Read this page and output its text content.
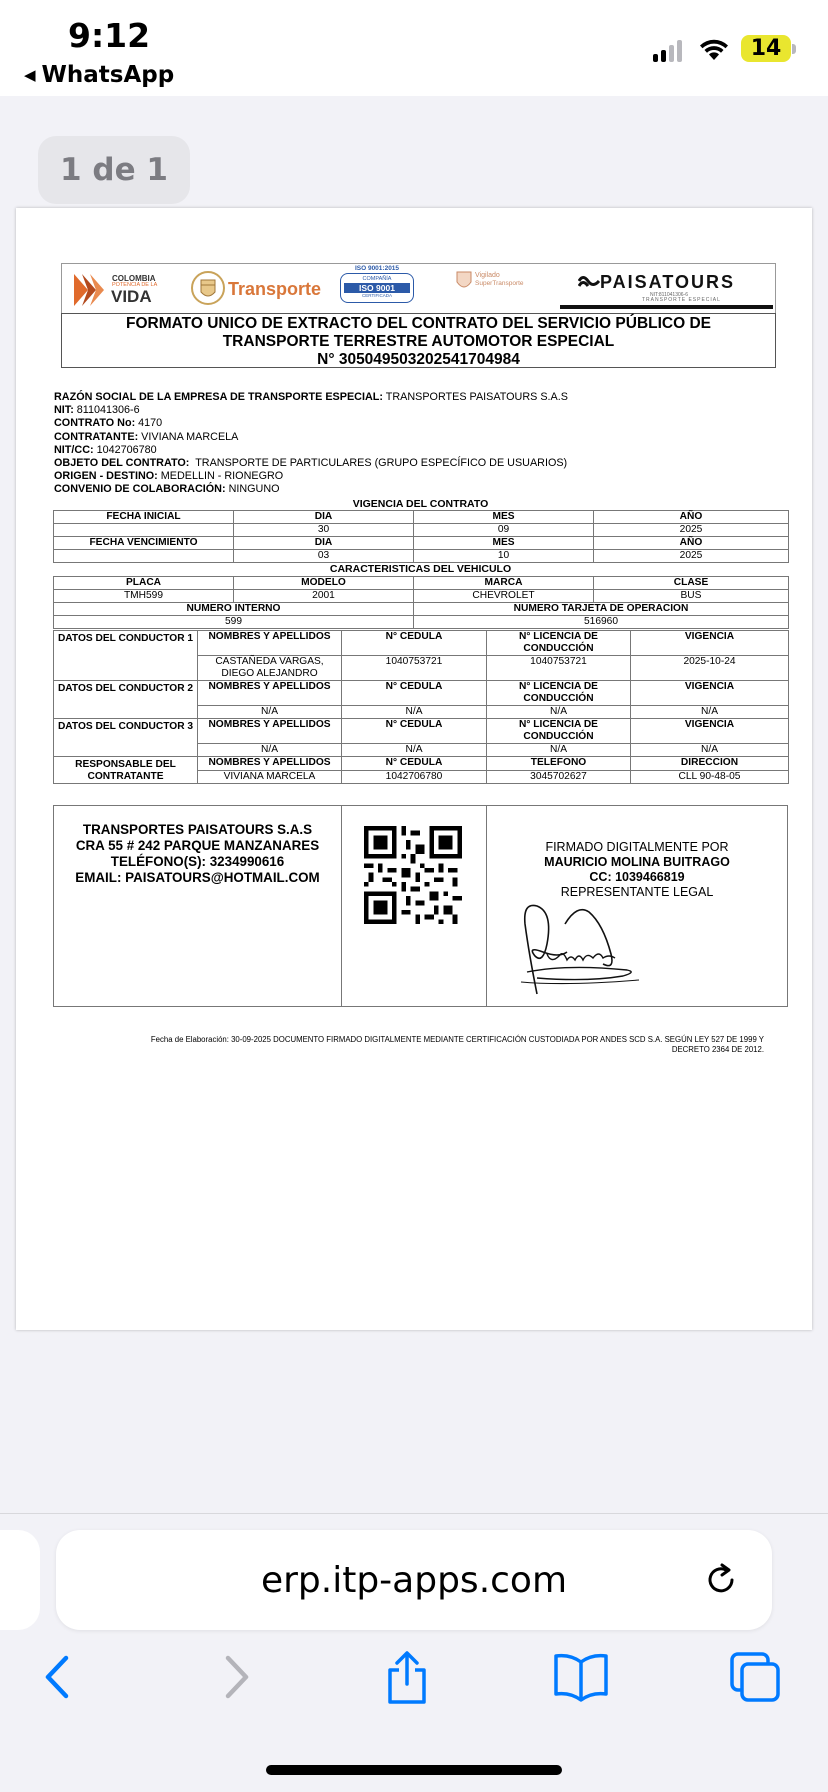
9:12
◀ WhatsApp
14
1 de 1
COLOMBIA
POTENCIA DE LA
VIDA	Transporte
ISO 9001:2015
COMPAÑÍA
ISO 9001
CERTIFICADA
Vigilado
SuperTransporte	PAISATOURS
NIT:811041306-6
TRANSPORTE ESPECIAL
FORMATO UNICO DE EXTRACTO DEL CONTRATO DEL SERVICIO PÚBLICO DE
TRANSPORTE TERRESTRE AUTOMOTOR ESPECIAL
N° 305049503202541704984
RAZÓN SOCIAL DE LA EMPRESA DE TRANSPORTE ESPECIAL: TRANSPORTES PAISATOURS S.A.S
NIT: 811041306-6
CONTRATO No: 4170
CONTRATANTE: VIVIANA MARCELA
NIT/CC: 1042706780
OBJETO DEL CONTRATO: TRANSPORTE DE PARTICULARES (GRUPO ESPECÍFICO DE USUARIOS)
ORIGEN - DESTINO: MEDELLIN - RIONEGRO
CONVENIO DE COLABORACIÓN: NINGUNO
VIGENCIA DEL CONTRATO
FECHA INICIAL	DIA	MES	AÑO
	30	09	2025
FECHA VENCIMIENTO	DIA	MES	AÑO
	03	10	2025
CARACTERISTICAS DEL VEHICULO
PLACA	MODELO	MARCA	CLASE
TMH599	2001	CHEVROLET	BUS
NUMERO INTERNO		NUMERO TARJETA DE OPERACION	
599		516960	
DATOS DEL CONDUCTOR 1	NOMBRES Y APELLIDOS	N° CEDULA	N° LICENCIA DE CONDUCCIÓN	VIGENCIA
	CASTAÑEDA VARGAS, DIEGO ALEJANDRO	1040753721	1040753721	2025-10-24
DATOS DEL CONDUCTOR 2	NOMBRES Y APELLIDOS	N° CEDULA	N° LICENCIA DE CONDUCCIÓN	VIGENCIA
	N/A	N/A	N/A	N/A
DATOS DEL CONDUCTOR 3	NOMBRES Y APELLIDOS	N° CEDULA	N° LICENCIA DE CONDUCCIÓN	VIGENCIA
	N/A	N/A	N/A	N/A
RESPONSABLE DEL CONTRATANTE	NOMBRES Y APELLIDOS	N° CEDULA	TELEFONO	DIRECCION
	VIVIANA MARCELA	1042706780	3045702627	CLL 90-48-05
TRANSPORTES PAISATOURS S.A.S
CRA 55 # 242 PARQUE MANZANARES
TELÉFONO(S): 3234990616
EMAIL: PAISATOURS@HOTMAIL.COM
FIRMADO DIGITALMENTE POR
MAURICIO MOLINA BUITRAGO
CC: 1039466819
REPRESENTANTE LEGAL
Fecha de Elaboración: 30-09-2025 DOCUMENTO FIRMADO DIGITALMENTE MEDIANTE CERTIFICACIÓN CUSTODIADA POR ANDES SCD S.A. SEGÚN LEY 527 DE 1999 Y
DECRETO 2364 DE 2012.
erp.itp-apps.com
